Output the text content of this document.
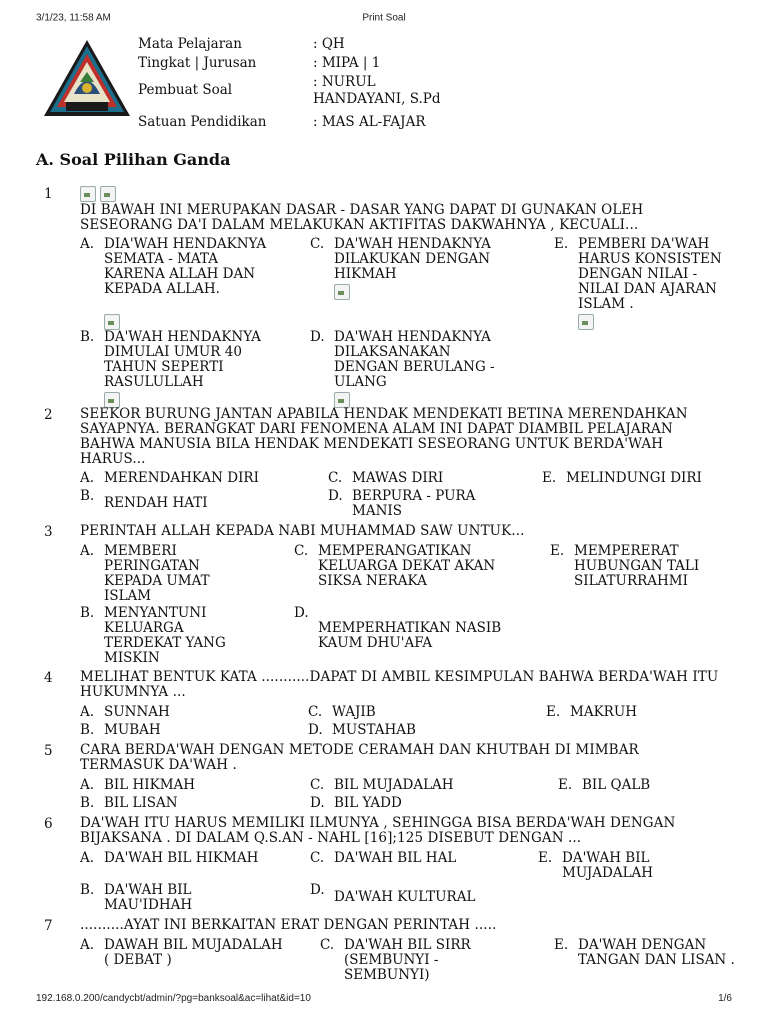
3/1/23, 11:58 AM	Print Soal
Mata Pelajaran	: QH
Tingkat | Jurusan	: MIPA | 1
Pembuat Soal	: NURUL HANDAYANI, S.Pd
Satuan Pendidikan	: MAS AL-FAJAR
A. Soal Pilihan Ganda
1

DI BAWAH INI MERUPAKAN DASAR - DASAR YANG DAPAT DI GUNAKAN OLEH SESEORANG DA'I DALAM MELAKUKAN AKTIFITAS DAKWAHNYA , KECUALI...
A. DIA'WAH HENDAKNYA SEMATA - MATA KARENA ALLAH DAN KEPADA ALLAH.
B. DA'WAH HENDAKNYA DIMULAI UMUR 40 TAHUN SEPERTI RASULULLAH
C. DA'WAH HENDAKNYA DILAKUKAN DENGAN HIKMAH
D. DA'WAH HENDAKNYA DILAKSANAKAN DENGAN BERULANG - ULANG
E. PEMBERI DA'WAH HARUS KONSISTEN DENGAN NILAI - NILAI DAN AJARAN ISLAM .
2 SEEKOR BURUNG JANTAN APABILA HENDAK MENDEKATI BETINA MERENDAHKAN SAYAPNYA. BERANGKAT DARI FENOMENA ALAM INI DAPAT DIAMBIL PELAJARAN BAHWA MANUSIA BILA HENDAK MENDEKATI SESEORANG UNTUK BERDA'WAH HARUS...
A. MERENDAHKAN DIRI
B. RENDAH HATI
C. MAWAS DIRI
D. BERPURA - PURA MANIS
E. MELINDUNGI DIRI
3 PERINTAH ALLAH KEPADA NABI MUHAMMAD SAW UNTUK...
A. MEMBERI PERINGATAN KEPADA UMAT ISLAM
B. MENYANTUNI KELUARGA TERDEKAT YANG MISKIN
C. MEMPERANGATIKAN KELUARGA DEKAT AKAN SIKSA NERAKA
D.
MEMPERHATIKAN NASIB KAUM DHU'AFA
E. MEMPERERAT HUBUNGAN TALI SILATURRAHMI
4 MELIHAT BENTUK KATA ...........DAPAT DI AMBIL KESIMPULAN BAHWA BERDA'WAH ITU HUKUMNYA ...
A. SUNNAH
B. MUBAH
C. WAJIB
D. MUSTAHAB
E. MAKRUH
5 CARA BERDA'WAH DENGAN METODE CERAMAH DAN KHUTBAH DI MIMBAR TERMASUK DA'WAH .
A. BIL HIKMAH
B. BIL LISAN
C. BIL MUJADALAH
D. BIL YADD
E. BIL QALB
6 DA'WAH ITU HARUS MEMILIKI ILMUNYA , SEHINGGA BISA BERDA'WAH DENGAN BIJAKSANA . DI DALAM Q.S.AN - NAHL [16];125 DISEBUT DENGAN ...
A. DA'WAH BIL HIKMAH
B. DA'WAH BIL MAU'IDHAH
C. DA'WAH BIL HAL
D. DA'WAH KULTURAL
E. DA'WAH BIL MUJADALAH
7 ..........AYAT INI BERKAITAN ERAT DENGAN PERINTAH .....
A. DAWAH BIL MUJADALAH ( DEBAT )
C. DA'WAH BIL SIRR (SEMBUNYI - SEMBUNYI)
E. DA'WAH DENGAN TANGAN DAN LISAN .
192.168.0.200/candycbt/admin/?pg=banksoal&ac=lihat&id=10	1/6
